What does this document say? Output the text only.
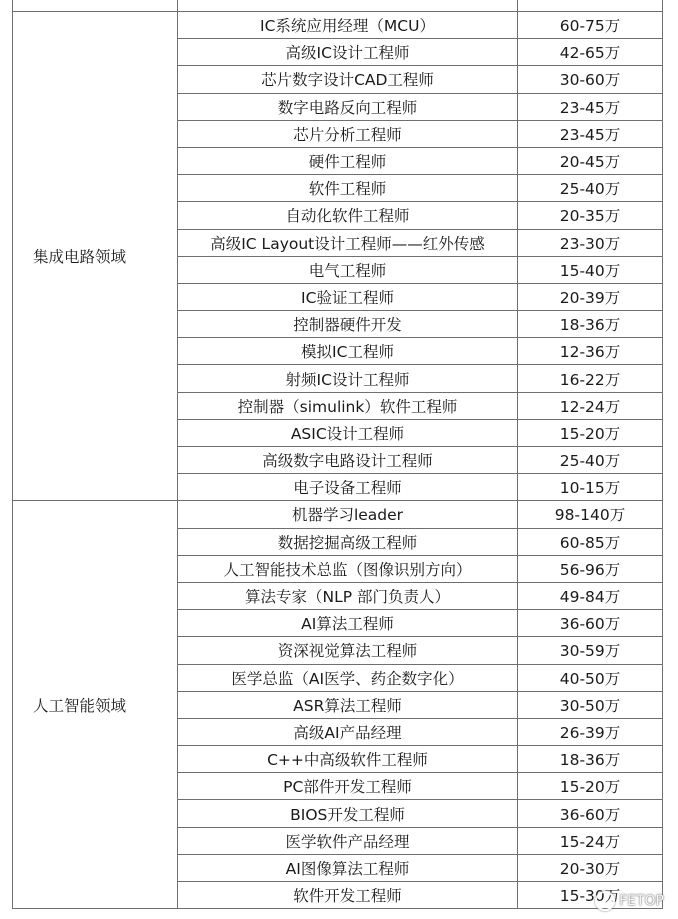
集成电路领域	IC系统应用经理（MCU）	60-75万
	高级IC设计工程师	42-65万
	芯片数字设计CAD工程师	30-60万
	数字电路反向工程师	23-45万
	芯片分析工程师	23-45万
	硬件工程师	20-45万
	软件工程师	25-40万
	自动化软件工程师	20-35万
	高级IC Layout设计工程师——红外传感	23-30万
	电气工程师	15-40万
	IC验证工程师	20-39万
	控制器硬件开发	18-36万
	模拟IC工程师	12-36万
	射频IC设计工程师	16-22万
	控制器（simulink）软件工程师	12-24万
	ASIC设计工程师	15-20万
	高级数字电路设计工程师	25-40万
	电子设备工程师	10-15万
人工智能领域	机器学习leader	98-140万
	数据挖掘高级工程师	60-85万
	人工智能技术总监（图像识别方向）	56-96万
	算法专家（NLP 部门负责人）	49-84万
	AI算法工程师	36-60万
	资深视觉算法工程师	30-59万
	医学总监（AI医学、药企数字化）	40-50万
	ASR算法工程师	30-50万
	高级AI产品经理	26-39万
	C++中高级软件工程师	18-36万
	PC部件开发工程师	15-20万
	BIOS开发工程师	36-60万
	医学软件产品经理	15-24万
	AI图像算法工程师	20-30万
	软件开发工程师	15-30万
FETOP
